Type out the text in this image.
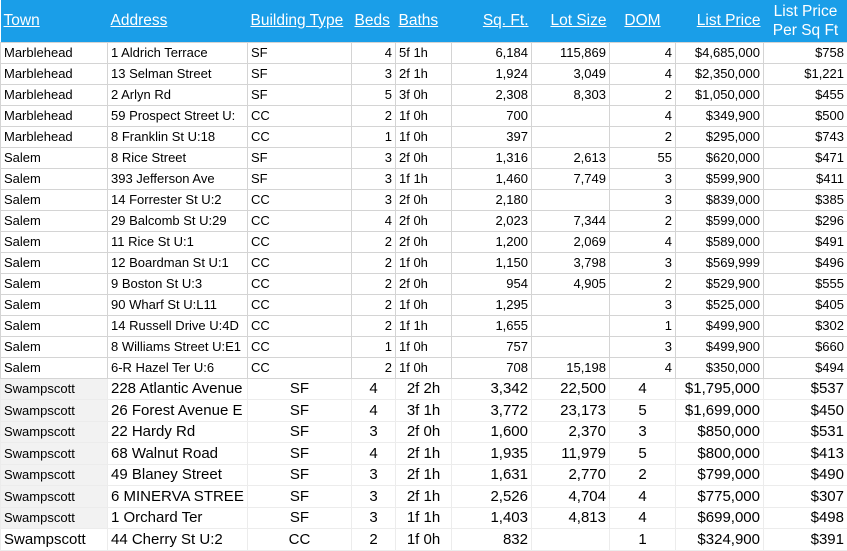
Town	Address	Building Type	Beds	Baths	Sq. Ft.	Lot Size	DOM	List Price	List Price Per Sq Ft
Marblehead	1 Aldrich Terrace	SF	4	5f 1h	6,184	115,869	4	$4,685,000	$758
Marblehead	13 Selman Street	SF	3	2f 1h	1,924	3,049	4	$2,350,000	$1,221
Marblehead	2 Arlyn Rd	SF	5	3f 0h	2,308	8,303	2	$1,050,000	$455
Marblehead	59 Prospect Street U:	CC	2	1f 0h	700		4	$349,900	$500
Marblehead	8 Franklin St U:18	CC	1	1f 0h	397		2	$295,000	$743
Salem	8 Rice Street	SF	3	2f 0h	1,316	2,613	55	$620,000	$471
Salem	393 Jefferson Ave	SF	3	1f 1h	1,460	7,749	3	$599,900	$411
Salem	14 Forrester St U:2	CC	3	2f 0h	2,180		3	$839,000	$385
Salem	29 Balcomb St U:29	CC	4	2f 0h	2,023	7,344	2	$599,000	$296
Salem	11 Rice St U:1	CC	2	2f 0h	1,200	2,069	4	$589,000	$491
Salem	12 Boardman St U:1	CC	2	1f 0h	1,150	3,798	3	$569,999	$496
Salem	9 Boston St U:3	CC	2	2f 0h	954	4,905	2	$529,900	$555
Salem	90 Wharf St U:L11	CC	2	1f 0h	1,295		3	$525,000	$405
Salem	14 Russell Drive U:4D	CC	2	1f 1h	1,655		1	$499,900	$302
Salem	8 Williams Street U:E1	CC	1	1f 0h	757		3	$499,900	$660
Salem	6-R Hazel Ter U:6	CC	2	1f 0h	708	15,198	4	$350,000	$494
Swampscott	228 Atlantic Avenue	SF	4	2f 2h	3,342	22,500	4	$1,795,000	$537
Swampscott	26 Forest Avenue E	SF	4	3f 1h	3,772	23,173	5	$1,699,000	$450
Swampscott	22 Hardy Rd	SF	3	2f 0h	1,600	2,370	3	$850,000	$531
Swampscott	68 Walnut Road	SF	4	2f 1h	1,935	11,979	5	$800,000	$413
Swampscott	49 Blaney Street	SF	3	2f 1h	1,631	2,770	2	$799,000	$490
Swampscott	6 MINERVA STREE	SF	3	2f 1h	2,526	4,704	4	$775,000	$307
Swampscott	1 Orchard Ter	SF	3	1f 1h	1,403	4,813	4	$699,000	$498
Swampscott	44 Cherry St U:2	CC	2	1f 0h	832		1	$324,900	$391
